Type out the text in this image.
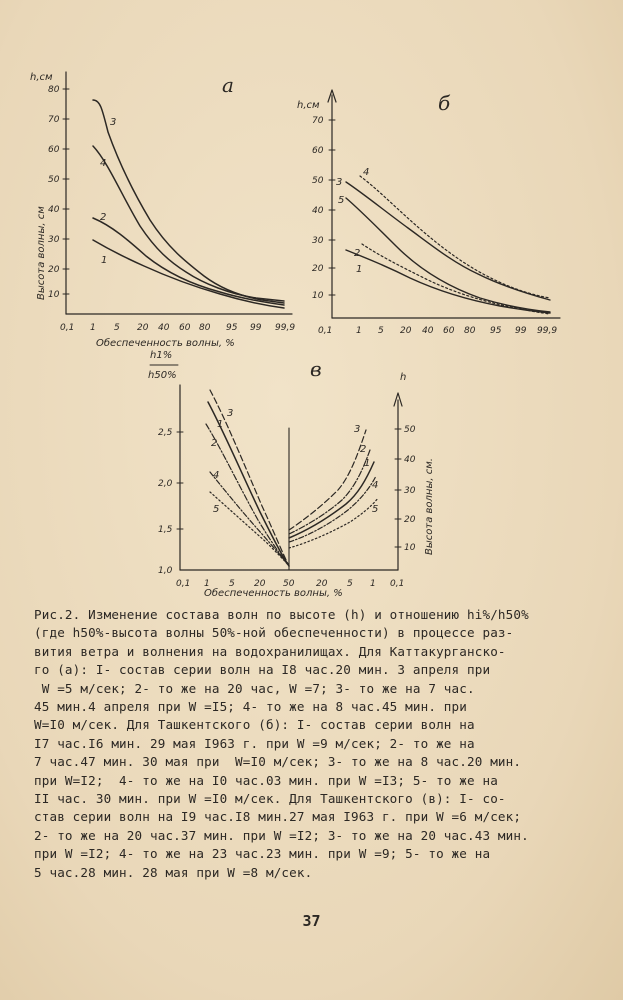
а
h,см
Высота волны, см
Обеспеченность волны, %
80
70
60
50
40
30
20
10
0,1 1 5 20 40 60 80 95 99 99,9
3
4
2
1
б
h,см
70
60
50
40
30
20
10
0,1	1 5 20 40 60 80 95 99 99,9
4
3
5
2
1
в
h1%
h50%	h
Высота волны, см.
Обеспеченность волны, %
2,5
2,0
1,5
1,0
50
40
30
20
10
0,1 1 5 20 50 20 5 1 0,1
3
1
2
4
5
3
2
1
4
5
Рис.2. Изменение состава волн по высоте (h) и отношению hi%/h50%
(где h50%-высота волны 50%-ной обеспеченности) в процессе раз-
вития ветра и волнения на водохранилищах. Для Каттакурганско-
го (а): I- состав серии волн на I8 час.20 мин. 3 апреля при
W =5 м/сек; 2- то же на 20 час, W =7; 3- то же на 7 час.
45 мин.4 апреля при W =I5; 4- то же на 8 час.45 мин. при
W=I0 м/сек. Для Ташкентского (б): I- состав серии волн на
I7 час.I6 мин. 29 мая I963 г. при W =9 м/сек; 2- то же на
7 час.47 мин. 30 мая при  W=I0 м/сек; 3- то же на 8 час.20 мин.
при W=I2;  4- то же на I0 час.03 мин. при W =I3; 5- то же на
II час. 30 мин. при W =I0 м/сек. Для Ташкентского (в): I- со-
став серии волн на I9 час.I8 мин.27 мая I963 г. при W =6 м/сек;
2- то же на 20 час.37 мин. при W =I2; 3- то же на 20 час.43 мин.
при W =I2; 4- то же на 23 час.23 мин. при W =9; 5- то же на
5 час.28 мин. 28 мая при W =8 м/сек.
37
